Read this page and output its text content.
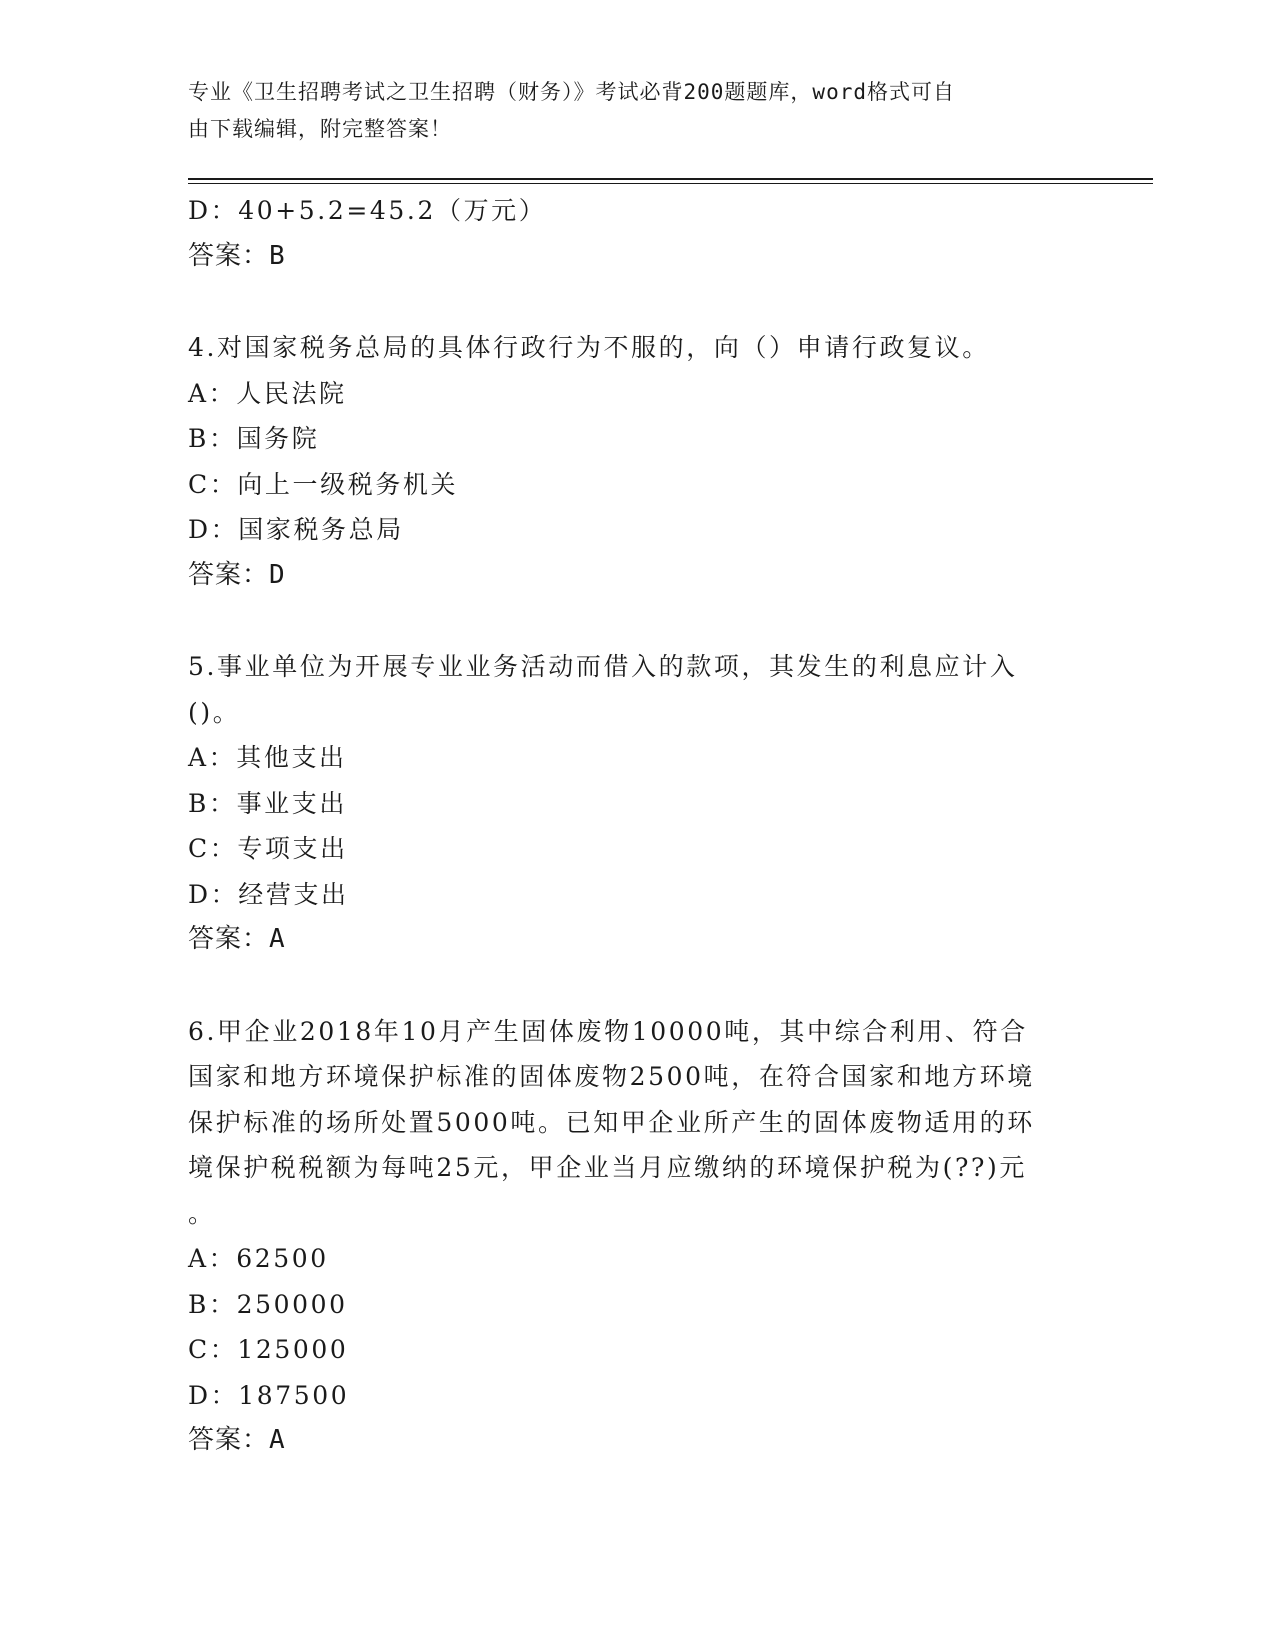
专业《卫生招聘考试之卫生招聘（财务）》考试必背200题题库，word格式可自
由下载编辑，附完整答案！
D：40+5.2=45.2（万元）
答案：B
4.对国家税务总局的具体行政行为不服的，向（）申请行政复议。
A：人民法院
B：国务院
C：向上一级税务机关
D：国家税务总局
答案：D
5.事业单位为开展专业业务活动而借入的款项，其发生的利息应计入
()。
A：其他支出
B：事业支出
C：专项支出
D：经营支出
答案：A
6.甲企业2018年10月产生固体废物10000吨，其中综合利用、符合
国家和地方环境保护标准的固体废物2500吨，在符合国家和地方环境
保护标准的场所处置5000吨。已知甲企业所产生的固体废物适用的环
境保护税税额为每吨25元，甲企业当月应缴纳的环境保护税为(??)元
。
A：62500
B：250000
C：125000
D：187500
答案：A
